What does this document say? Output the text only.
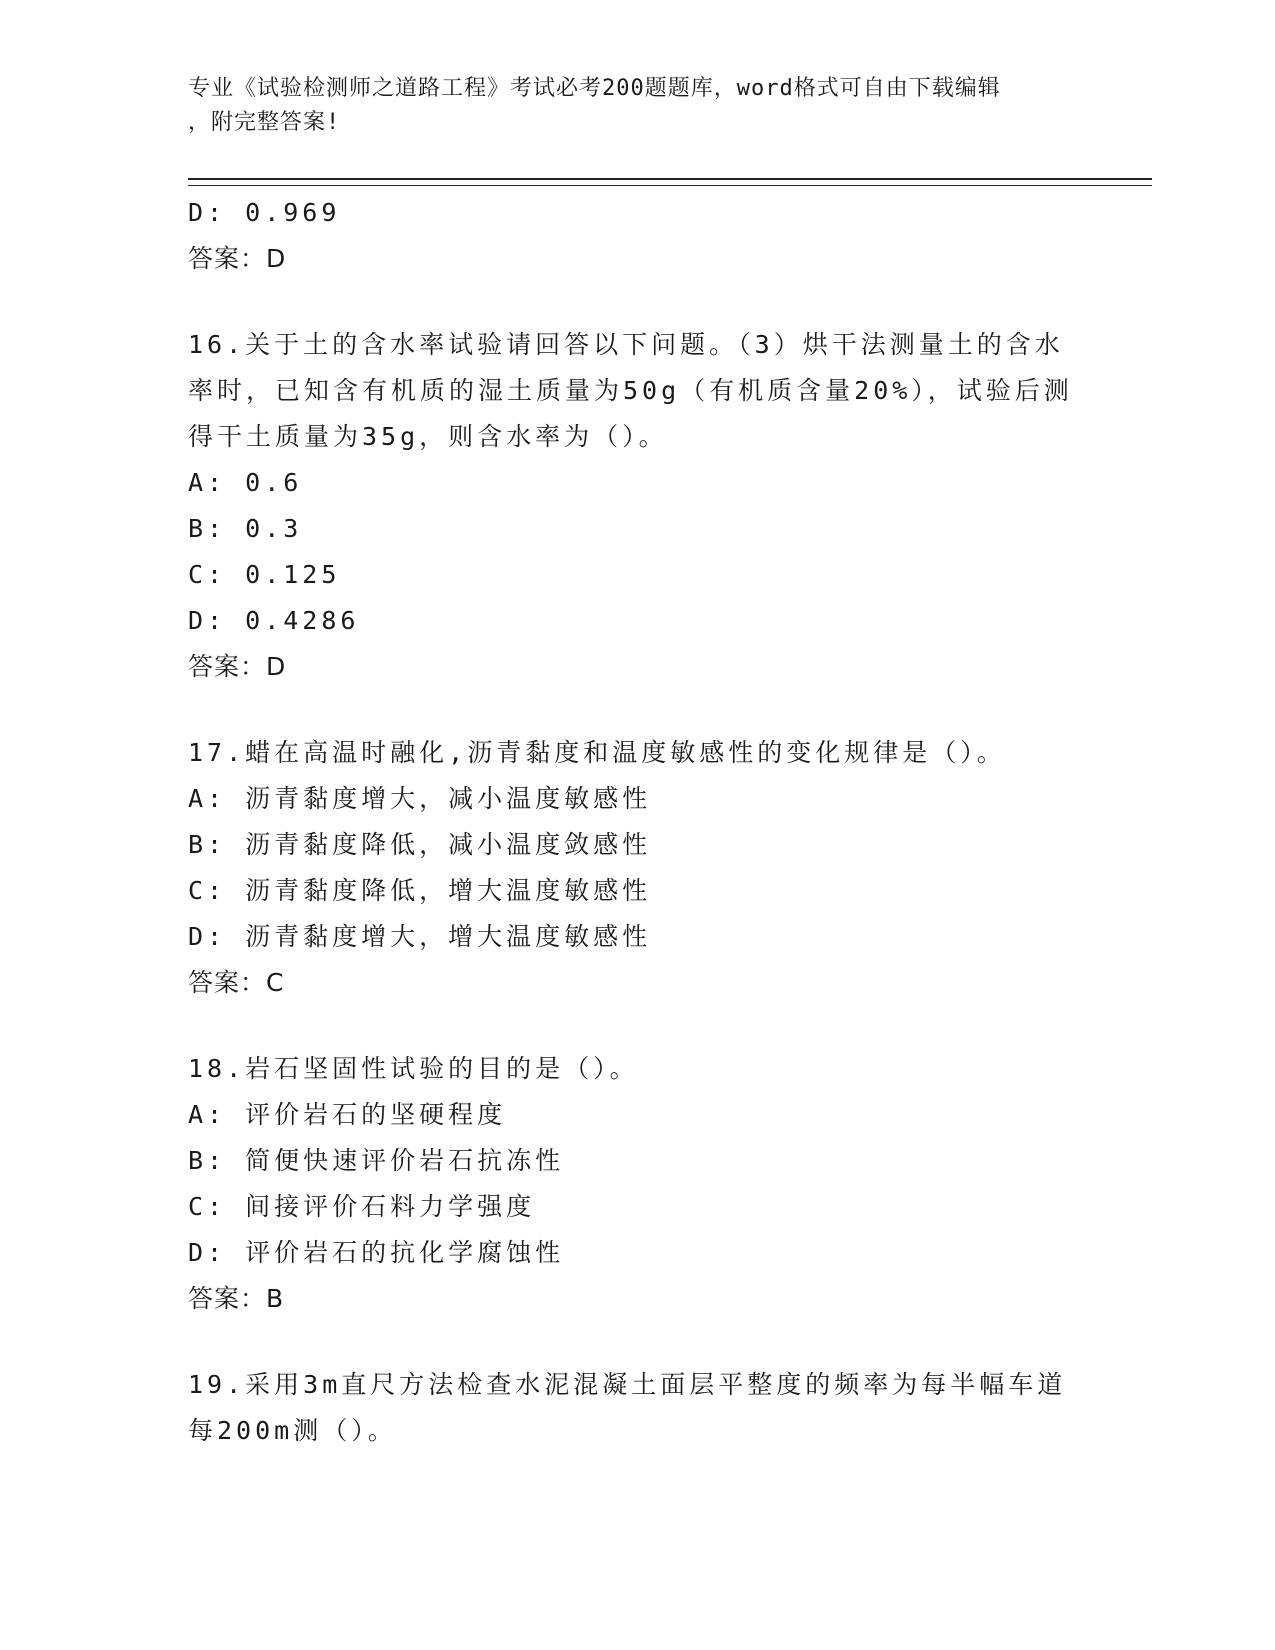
专业《试验检测师之道路工程》考试必考200题题库，word格式可自由下载编辑
，附完整答案!
D: 0.969
答案：D
16.关于土的含水率试验请回答以下问题。（3）烘干法测量土的含水
率时，已知含有机质的湿土质量为50g（有机质含量20%），试验后测
得干土质量为35g，则含水率为（）。
A: 0.6
B: 0.3
C: 0.125
D: 0.4286
答案：D
17.蜡在高温时融化,沥青黏度和温度敏感性的变化规律是（）。
A: 沥青黏度增大，减小温度敏感性
B: 沥青黏度降低，减小温度敛感性
C: 沥青黏度降低，增大温度敏感性
D: 沥青黏度增大，增大温度敏感性
答案：C
18.岩石坚固性试验的目的是（）。
A: 评价岩石的坚硬程度
B: 简便快速评价岩石抗冻性
C: 间接评价石料力学强度
D: 评价岩石的抗化学腐蚀性
答案：B
19.采用3m直尺方法检查水泥混凝土面层平整度的频率为每半幅车道
每200m测（）。
